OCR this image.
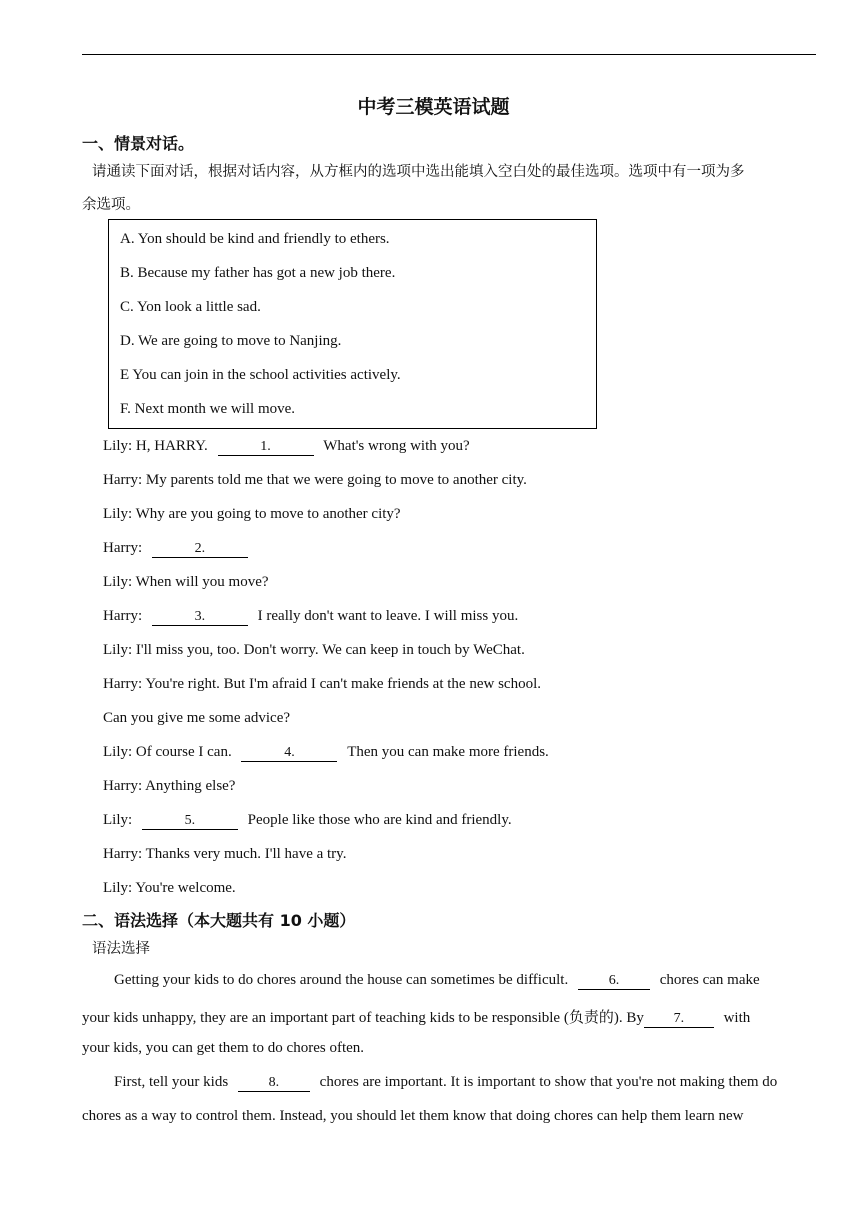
中考三模英语试题
一、情景对话。
请通读下面对话，根据对话内容，从方框内的选项中选出能填入空白处的最佳选项。选项中有一项为多
余选项。
A. Yon should be kind and friendly to ethers.
B. Because my father has got a new job there.
C. Yon look a little sad.
D. We are going to move to Nanjing.
E You can join in the school activities actively.
F. Next month we will move.
Lily: H, HARRY.	1.	What's wrong with you?
Harry: My parents told me that we were going to move to another city.
Lily: Why are you going to move to another city?
Harry:	2.
Lily: When will you move?
Harry:	3.	I really don't want to leave. I will miss you.
Lily: I'll miss you, too. Don't worry. We can keep in touch by WeChat.
Harry: You're right. But I'm afraid I can't make friends at the new school.
Can you give me some advice?
Lily: Of course I can.	4.	Then you can make more friends.
Harry: Anything else?
Lily:	5.	People like those who are kind and friendly.
Harry: Thanks very much. I'll have a try.
Lily: You're welcome.
二、语法选择（本大题共有 10 小题）
语法选择
Getting your kids to do chores around the house can sometimes be difficult.	6.	chores can make
your kids unhappy, they are an important part of teaching kids to be responsible (负责的). By 7.	with
your kids, you can get them to do chores often.
First, tell your kids	8.	chores are important. It is important to show that you're not making them do
chores as a way to control them. Instead, you should let them know that doing chores can help them learn new
